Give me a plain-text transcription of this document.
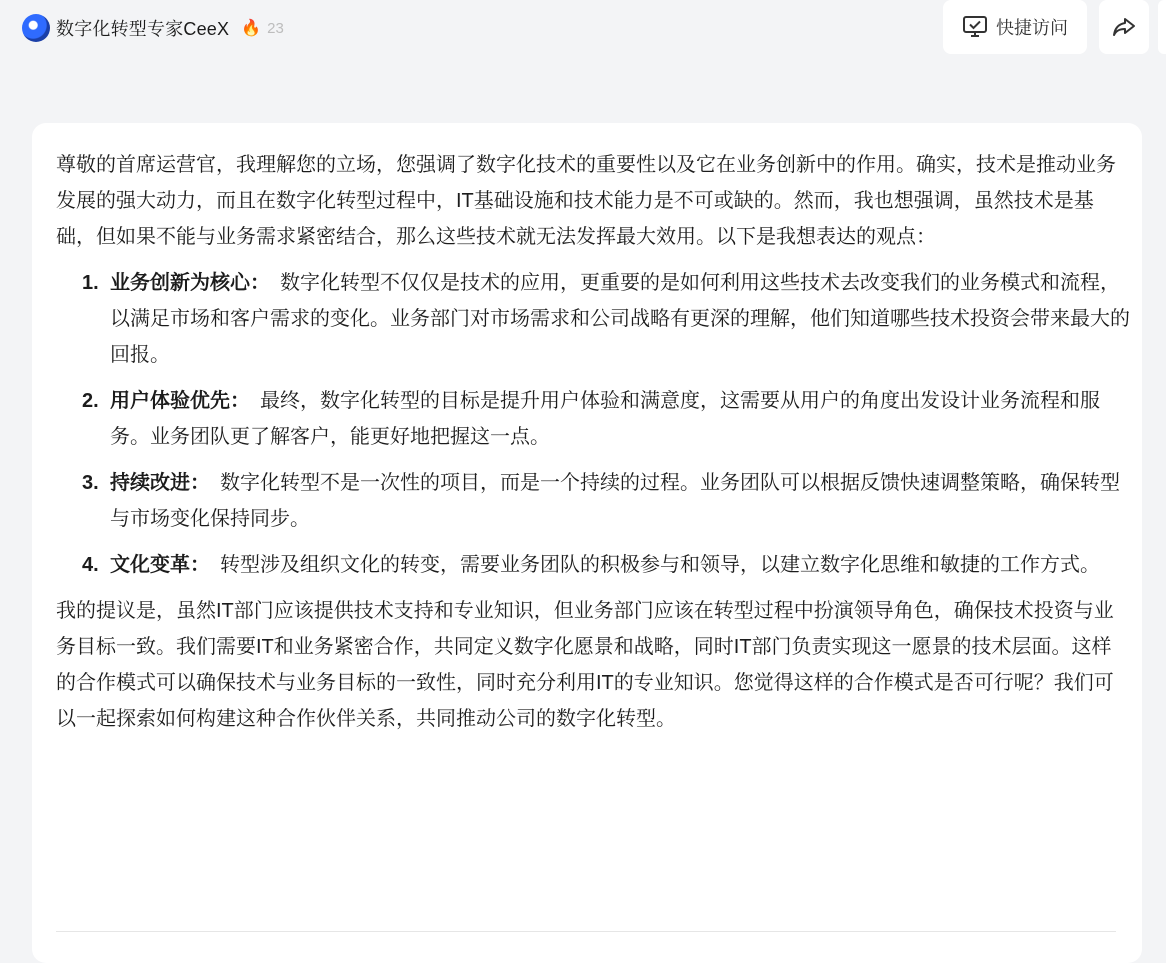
数字化转型专家CeeX 🔥 23	快捷访问

尊敬的首席运营官，我理解您的立场，您强调了数字化技术的重要性以及它在业务创新中的作用。确实，技术是推动业务发展的强大动力，而且在数字化转型过程中，IT基础设施和技术能力是不可或缺的。然而，我也想强调，虽然技术是基础，但如果不能与业务需求紧密结合，那么这些技术就无法发挥最大效用。以下是我想表达的观点：

1. 业务创新为核心： 数字化转型不仅仅是技术的应用，更重要的是如何利用这些技术去改变我们的业务模式和流程，以满足市场和客户需求的变化。业务部门对市场需求和公司战略有更深的理解，他们知道哪些技术投资会带来最大的回报。
2. 用户体验优先： 最终，数字化转型的目标是提升用户体验和满意度，这需要从用户的角度出发设计业务流程和服务。业务团队更了解客户，能更好地把握这一点。
3. 持续改进： 数字化转型不是一次性的项目，而是一个持续的过程。业务团队可以根据反馈快速调整策略，确保转型与市场变化保持同步。
4. 文化变革： 转型涉及组织文化的转变，需要业务团队的积极参与和领导，以建立数字化思维和敏捷的工作方式。

我的提议是，虽然IT部门应该提供技术支持和专业知识，但业务部门应该在转型过程中扮演领导角色，确保技术投资与业务目标一致。我们需要IT和业务紧密合作，共同定义数字化愿景和战略，同时IT部门负责实现这一愿景的技术层面。这样的合作模式可以确保技术与业务目标的一致性，同时充分利用IT的专业知识。您觉得这样的合作模式是否可行呢？我们可以一起探索如何构建这种合作伙伴关系，共同推动公司的数字化转型。
